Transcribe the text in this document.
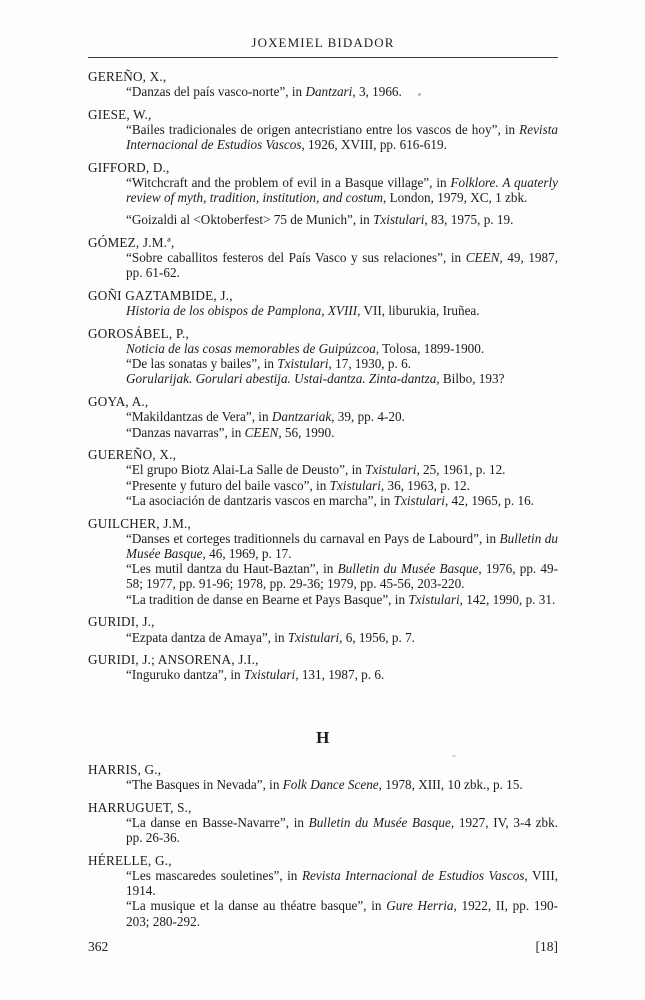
JOXEMIEL BIDADOR

GEREÑO, X.,

“Danzas del país vasco-norte”, in Dantzari, 3, 1966.

GIESE, W.,

“Bailes tradicionales de origen antecristiano entre los vascos de hoy”, in Revista Internacional de Estudios Vascos, 1926, XVIII, pp. 616-619.

GIFFORD, D.,

“Witchcraft and the problem of evil in a Basque village”, in Folklore. A quaterly review of myth, tradition, institution, and costum, London, 1979, XC, 1 zbk.

“Goizaldi al <Oktoberfest> 75 de Munich”, in Txistulari, 83, 1975, p. 19.

GÓMEZ, J.M.ª,

“Sobre caballitos festeros del País Vasco y sus relaciones”, in CEEN, 49, 1987, pp. 61-62.

GOÑI GAZTAMBIDE, J.,

Historia de los obispos de Pamplona, XVIII, VII, liburukia, Iruñea.

GOROSÁBEL, P.,

Noticia de las cosas memorables de Guipúzcoa, Tolosa, 1899-1900.

“De las sonatas y bailes”, in Txistulari, 17, 1930, p. 6.

Gorularijak. Gorulari abestija. Ustai-dantza. Zinta-dantza, Bilbo, 193?

GOYA, A.,

“Makildantzas de Vera”, in Dantzariak, 39, pp. 4-20.

“Danzas navarras”, in CEEN, 56, 1990.

GUEREÑO, X.,

“El grupo Biotz Alai-La Salle de Deusto”, in Txistulari, 25, 1961, p. 12.

“Presente y futuro del baile vasco”, in Txistulari, 36, 1963, p. 12.

“La asociación de dantzaris vascos en marcha”, in Txistulari, 42, 1965, p. 16.

GUILCHER, J.M.,

“Danses et corteges traditionnels du carnaval en Pays de Labourd”, in Bulletin du Musée Basque, 46, 1969, p. 17.

“Les mutil dantza du Haut-Baztan”, in Bulletin du Musée Basque, 1976, pp. 49-58; 1977, pp. 91-96; 1978, pp. 29-36; 1979, pp. 45-56, 203-220.

“La tradition de danse en Bearne et Pays Basque”, in Txistulari, 142, 1990, p. 31.

GURIDI, J.,

“Ezpata dantza de Amaya”, in Txistulari, 6, 1956, p. 7.

GURIDI, J.; ANSORENA, J.I.,

“Inguruko dantza”, in Txistulari, 131, 1987, p. 6.

H

HARRIS, G.,

“The Basques in Nevada”, in Folk Dance Scene, 1978, XIII, 10 zbk., p. 15.

HARRUGUET, S.,

“La danse en Basse-Navarre”, in Bulletin du Musée Basque, 1927, IV, 3-4 zbk. pp. 26-36.

HÉRELLE, G.,

“Les mascaredes souletines”, in Revista Internacional de Estudios Vascos, VIII, 1914.

“La musique et la danse au théatre basque”, in Gure Herria, 1922, II, pp. 190-203; 280-292.

362	[18]
